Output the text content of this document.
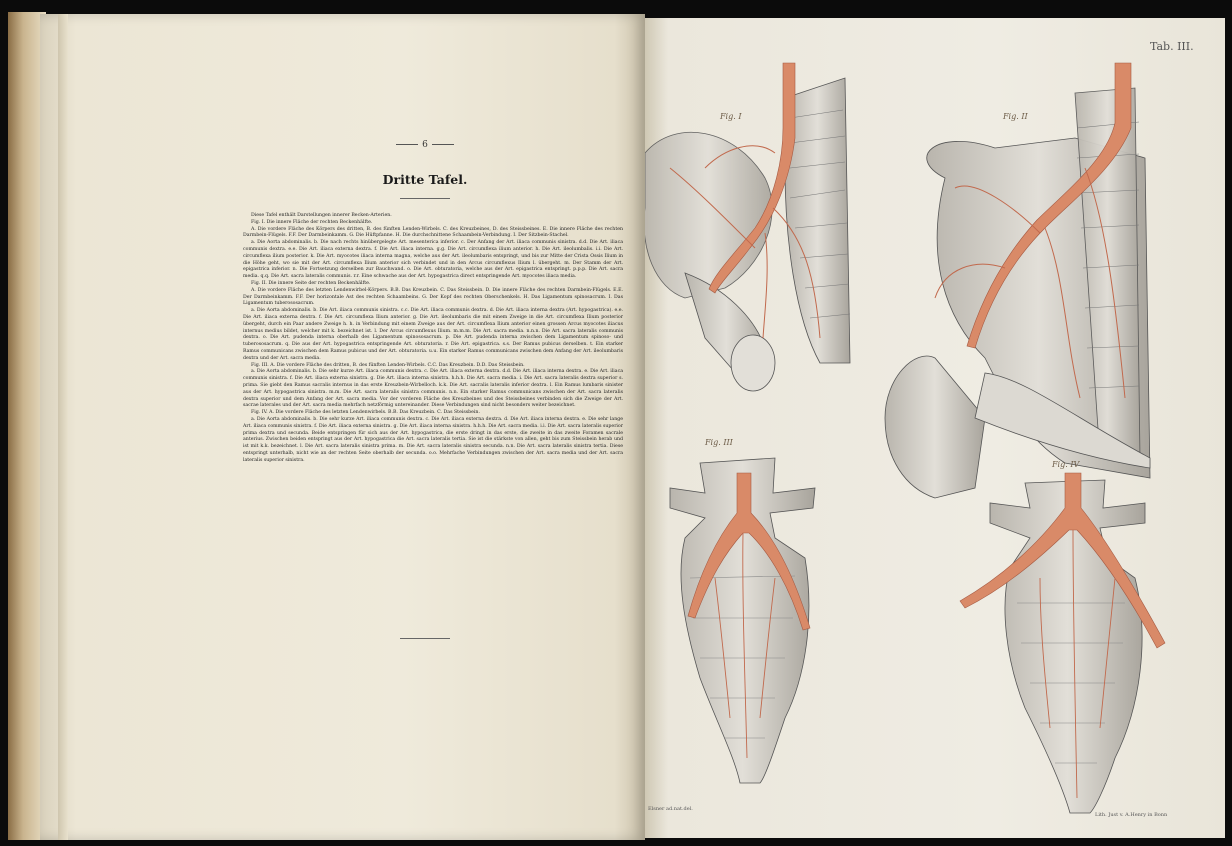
6
Dritte Tafel.

Diese Tafel enthält Darstellungen innerer Becken-Arterien.

Fig. I. Die innere Fläche der rechten Beckenhälfte.

A. Die vordere Fläche des Körpers des dritten, B. des fünften Lenden-Wirbels. C. des Kreuzbeines, D. des Steissbeines. E. Die innere Fläche des rechten Darmbein-Flügels. F.F. Der Darmbeinkamm. G. Die Hüftpfanne. H. Die durchschnittene Schaambein-Verbindung. I. Der Sitzbein-Stachel.

a. Die Aorta abdominalis. b. Die nach rechts hinübergelegte Art. mesenterica inferior. c. Der Anfang der Art. iliaca communis sinistra. d.d. Die Art. iliaca communis dextra. e.e. Die Art. iliaca externa dextra. f. Die Art. iliaca interna. g.g. Die Art. circumflexa ilium anterior. h. Die Art. ileolumbalis. i.i. Die Art. circumflexa ilium posterior. k. Die Art. myocotes iliaca interna magna, welche aus der Art. ileolumbaris entspringt, und bis zur Mitte der Crista Ossis Ilium in die Höhe geht, wo sie mit der Art. circumflexa Ilium anterior sich verbindet und in den Arcus circumflexus Ilium l. übergeht. m. Der Stamm der Art. epigastrica inferior. n. Die Fortsetzung derselben zur Bauchwand. o. Die Art. obturatoria, welche aus der Art. epigastrica entspringt. p.p.p. Die Art. sacra media. q.q. Die Art. sacra lateralis communis. r.r. Eine schwache aus der Art. hypogastrica direct entspringende Art. myocotes iliaca media.

Fig. II. Die innere Seite der rechten Beckenhälfte.

A. Die vordere Fläche des letzten Lendenwirbel-Körpers. B.B. Das Kreuzbein. C. Das Steissbein. D. Die innere Fläche des rechten Darmbein-Flügels. E.E. Der Darmbeinkamm. F.F. Der horizontale Ast des rechten Schaambeins. G. Der Kopf des rechten Oberschenkels. H. Das Ligamentum spinosacrum. I. Das Ligamentum tuberososacrum.

a. Die Aorta abdominalis. b. Die Art. iliaca communis sinistra. c.c. Die Art. iliaca communis dextra. d. Die Art. iliaca interna dextra (Art. hypogastrica). e.e. Die Art. iliaca externa dextra. f. Die Art. circumflexa Ilium anterior. g. Die Art. ileolumbaris die mit einem Zweige in die Art. circumflexa Ilium posterior übergeht, durch ein Paar andere Zweige h. h. in Verbindung mit einem Zweige aus der Art. circumflexa Ilium anterior einen grossen Arcus myocotes iliacus internus medius bildet, welcher mit k. bezeichnet ist. l. Der Arcus circumflexus Ilium. m.m.m. Die Art. sacra media. n.n.n. Die Art. sacra lateralis communis dextra. o. Die Art. pudenda interna oberhalb des Ligamentum spinososacrum. p. Die Art. pudenda interna zwischen dem Ligamentum spinoso- und tuberososacrum. q. Die aus der Art. hypogastrica entspringende Art. obturatoria. r. Die Art. epigastrica. s.s. Der Ramus pubicus derselben. t. Ein starker Ramus communicans zwischen dem Ramus pubicus und der Art. obturatoria. u.u. Ein starker Ramus communicans zwischen dem Anfang der Art. ileolumbaris dextra und der Art. sacra media.

Fig. III. A. Die vordere Fläche des dritten, B. des fünften Lenden-Wirbels. C.C. Das Kreuzbein. D.D. Das Steissbein.

a. Die Aorta abdominalis. b. Die sehr kurze Art. iliaca communis dextra. c. Die Art. iliaca externa dextra. d.d. Die Art. iliaca interna dextra. e. Die Art. iliaca communis sinistra. f. Die Art. iliaca externa sinistra. g. Die Art. iliaca interna sinistra. h.h.h. Die Art. sacra media. i. Die Art. sacra lateralis dextra superior s. prima. Sie giebt den Ramus sacralis internus in das erste Kreuzbein-Wirbelloch. k.k. Die Art. sacralis lateralis inferior dextra. l. Ein Ramus lumbaris sinister aus der Art. hypogastrica sinistra. m.m. Die Art. sacra lateralis sinistra communis. n.n. Ein starker Ramus communicans zwischen der Art. sacra lateralis dextra superior und dem Anfang der Art. sacra media. Vor der vorderen Fläche des Kreuzbeines und des Steissbeines verbinden sich die Zweige der Art. sacrae laterales und der Art. sacra media mehrfach netzförmig untereinander. Diese Verbindungen sind nicht besonders weiter bezeichnet.

Fig. IV. A. Die vordere Fläche des letzten Lendenwirbels. B.B. Das Kreuzbein. C. Das Steissbein.

a. Die Aorta abdominalis. b. Die sehr kurze Art. iliaca communis dextra. c. Die Art. iliaca externa dextra. d. Die Art. iliaca interna dextra. e. Die sehr lange Art. iliaca communis sinistra. f. Die Art. iliaca externa sinistra. g. Die Art. iliaca interna sinistra. h.h.h. Die Art. sacra media. i.i. Die Art. sacra lateralis superior prima dextra und secunda. Beide entspringen für sich aus der Art. hypogastrica, die erste dringt in das erste, die zweite in das zweite Foramen sacrale anterius. Zwischen beiden entspringt aus der Art. hypogastrica die Art. sacra lateralis tertia. Sie ist die stärkste von allen, geht bis zum Steissbein herab und ist mit k.k. bezeichnet. l. Die Art. sacra lateralis sinistra prima. m. Die Art. sacra lateralis sinistra secunda. n.n. Die Art. sacra lateralis sinistra tertia. Diese entspringt unterhalb, nicht wie an der rechten Seite oberhalb der secunda. o.o. Mehrfache Verbindungen zwischen der Art. sacra media und der Art. sacra lateralis superior sinistra.

Tab. III.
Fig. I	Fig. II
Fig. III
Fig. IV
Elsner ad.nat.del.
Lith. Just v. A.Henry in Bonn
